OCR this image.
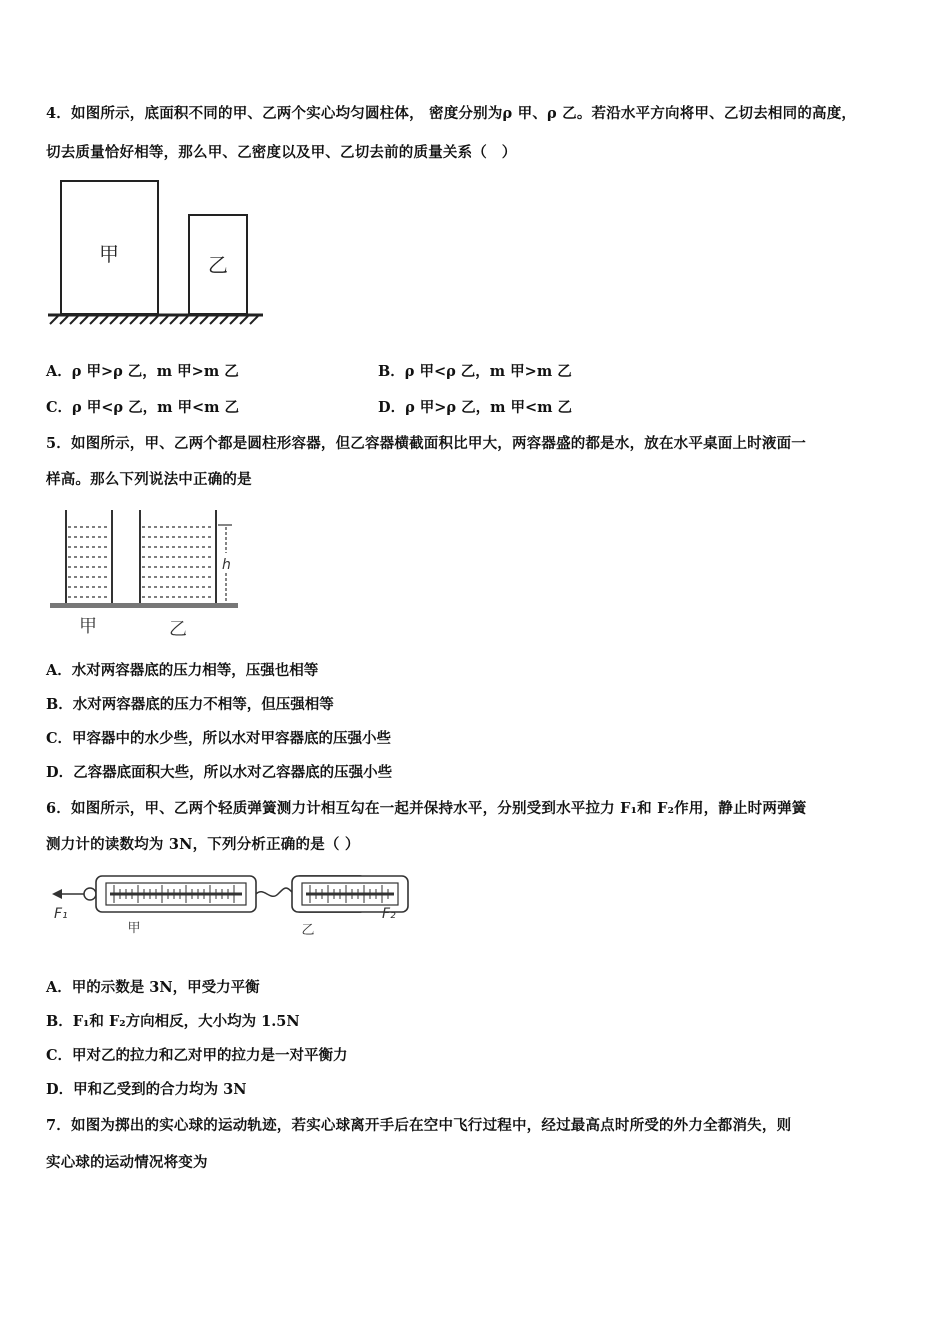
4．如图所示，底面积不同的甲、乙两个实心均匀圆柱体， 密度分别为ρ 甲、ρ 乙。若沿水平方向将甲、乙切去相同的高度，
切去质量恰好相等，那么甲、乙密度以及甲、乙切去前的质量关系（　）
甲	乙
A．ρ 甲>ρ 乙，m 甲>m 乙	B．ρ 甲<ρ 乙，m 甲>m 乙
C．ρ 甲<ρ 乙，m 甲<m 乙	D．ρ 甲>ρ 乙，m 甲<m 乙
5．如图所示，甲、乙两个都是圆柱形容器，但乙容器横截面积比甲大，两容器盛的都是水，放在水平桌面上时液面一
样高。那么下列说法中正确的是
h
甲	乙
A．水对两容器底的压力相等，压强也相等
B．水对两容器底的压力不相等，但压强相等
C．甲容器中的水少些，所以水对甲容器底的压强小些
D．乙容器底面积大些，所以水对乙容器底的压强小些
6．如图所示，甲、乙两个轻质弹簧测力计相互勾在一起并保持水平，分别受到水平拉力 F₁和 F₂作用，静止时两弹簧
测力计的读数均为 3N，下列分析正确的是（ ）
F₁	F₂
甲	乙
A．甲的示数是 3N，甲受力平衡
B．F₁和 F₂方向相反，大小均为 1.5N
C．甲对乙的拉力和乙对甲的拉力是一对平衡力
D．甲和乙受到的合力均为 3N
7．如图为掷出的实心球的运动轨迹，若实心球离开手后在空中飞行过程中，经过最高点时所受的外力全都消失，则
实心球的运动情况将变为
